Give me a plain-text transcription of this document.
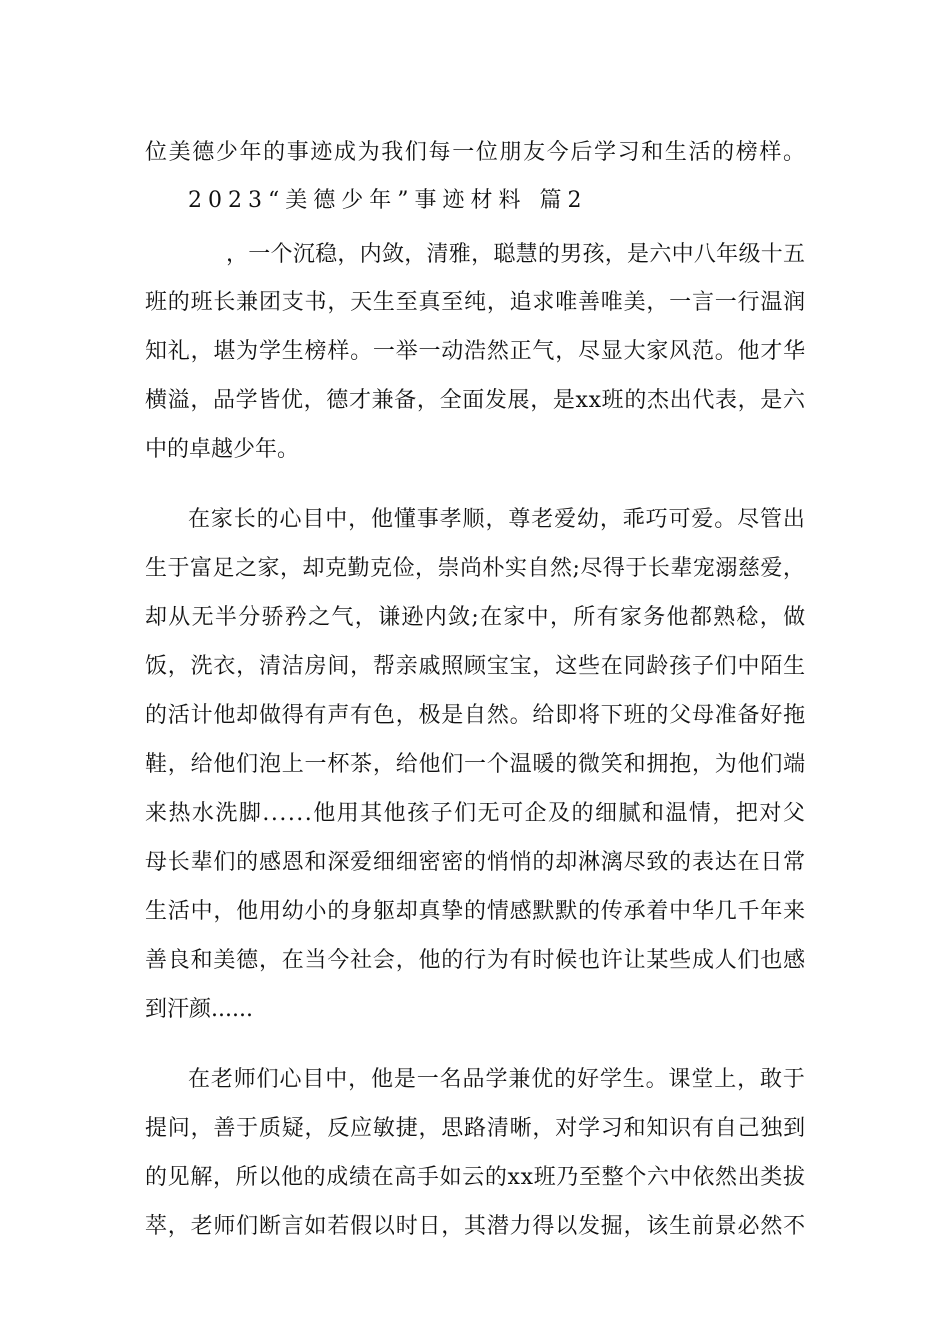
位美德少年的事迹成为我们每一位朋友今后学习和生活的榜样。
2023“美德少年”事迹材料 篇2
，一个沉稳，内敛，清雅，聪慧的男孩，是六中八年级十五
班的班长兼团支书，天生至真至纯，追求唯善唯美，一言一行温润
知礼，堪为学生榜样。一举一动浩然正气，尽显大家风范。他才华
横溢，品学皆优，德才兼备，全面发展，是xx班的杰出代表，是六
中的卓越少年。
在家长的心目中，他懂事孝顺，尊老爱幼，乖巧可爱。尽管出
生于富足之家，却克勤克俭，崇尚朴实自然;尽得于长辈宠溺慈爱，
却从无半分骄矜之气，谦逊内敛;在家中，所有家务他都熟稔，做
饭，洗衣，清洁房间，帮亲戚照顾宝宝，这些在同龄孩子们中陌生
的活计他却做得有声有色，极是自然。给即将下班的父母准备好拖
鞋，给他们泡上一杯茶，给他们一个温暖的微笑和拥抱，为他们端
来热水洗脚......他用其他孩子们无可企及的细腻和温情，把对父
母长辈们的感恩和深爱细细密密的悄悄的却淋漓尽致的表达在日常
生活中，他用幼小的身躯却真挚的情感默默的传承着中华几千年来
善良和美德，在当今社会，他的行为有时候也许让某些成人们也感
到汗颜......
在老师们心目中，他是一名品学兼优的好学生。课堂上，敢于
提问，善于质疑，反应敏捷，思路清晰，对学习和知识有自己独到
的见解，所以他的成绩在高手如云的xx班乃至整个六中依然出类拔
萃，老师们断言如若假以时日，其潜力得以发掘，该生前景必然不
